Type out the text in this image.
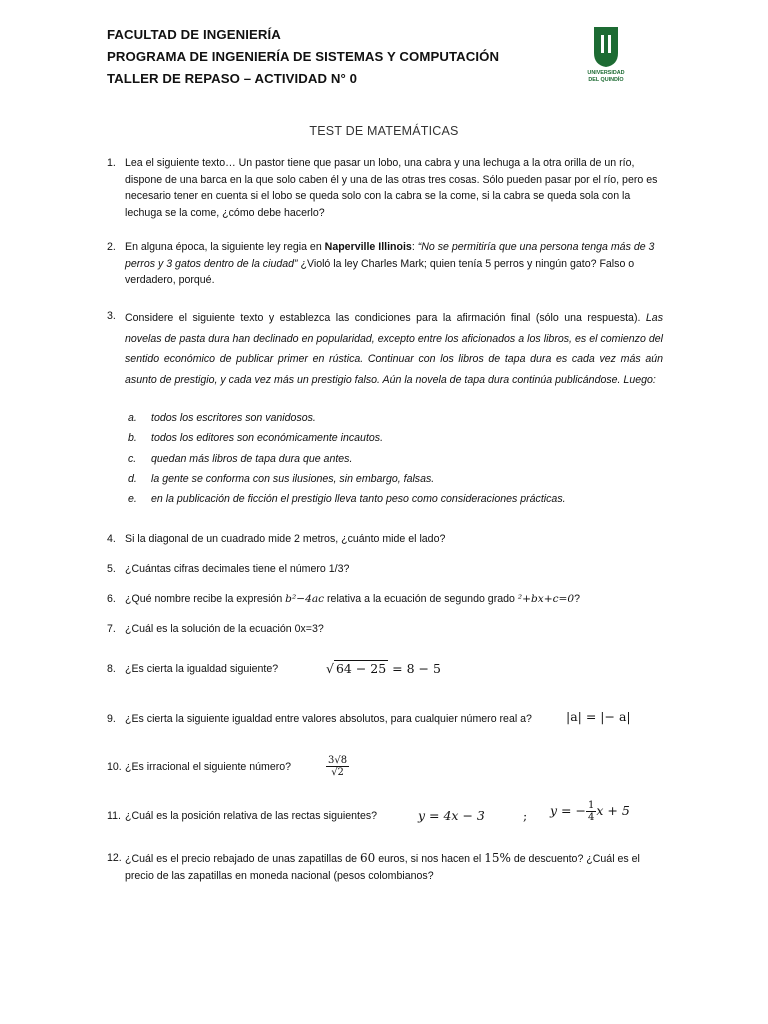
FACULTAD DE INGENIERÍA
PROGRAMA DE INGENIERÍA DE SISTEMAS Y COMPUTACIÓN
TALLER DE REPASO – ACTIVIDAD N° 0	UNIVERSIDAD
DEL QUINDÍO
TEST DE MATEMÁTICAS
1. Lea el siguiente texto… Un pastor tiene que pasar un lobo, una cabra y una lechuga a la otra orilla de un río, dispone de una barca en la que solo caben él y una de las otras tres cosas. Sólo pueden pasar por el río, pero es necesario tener en cuenta si el lobo se queda solo con la cabra se la come, si la cabra se queda sola con la lechuga se la come, ¿cómo debe hacerlo?
2. En alguna época, la siguiente ley regia en Naperville Illinois: “No se permitiría que una persona tenga más de 3 perros y 3 gatos dentro de la ciudad” ¿Violó la ley Charles Mark; quien tenía 5 perros y ningún gato? Falso o verdadero, porqué.
3. Considere el siguiente texto y establezca las condiciones para la afirmación final (sólo una respuesta). Las novelas de pasta dura han declinado en popularidad, excepto entre los aficionados a los libros, es el comienzo del sentido económico de publicar primer en rústica. Continuar con los libros de tapa dura es cada vez más aún asunto de prestigio, y cada vez más un prestigio falso. Aún la novela de tapa dura continúa publicándose. Luego:
a. todos los escritores son vanidosos.
b. todos los editores son económicamente incautos.
c. quedan más libros de tapa dura que antes.
d. la gente se conforma con sus ilusiones, sin embargo, falsas.
e. en la publicación de ficción el prestigio lleva tanto peso como consideraciones prácticas.
4. Si la diagonal de un cuadrado mide 2 metros, ¿cuánto mide el lado?
5. ¿Cuántas cifras decimales tiene el número 1/3?
6. ¿Qué nombre recibe la expresión b²−4ac relativa a la ecuación de segundo grado ²+bx+c=0?
7. ¿Cuál es la solución de la ecuación 0x=3?
8. ¿Es cierta la igualdad siguiente?	√ 64 − 25 = 8 − 5
9. ¿Es cierta la siguiente igualdad entre valores absolutos, para cualquier número real a?	|a| = |− a|
10. ¿Es irracional el siguiente número?	$\frac{3√8}{√2}$
11. ¿Cuál es la posición relativa de las rectas siguientes?	y = 4x − 3	; y = − $\frac{1}{4}$ x + 5
12. ¿Cuál es el precio rebajado de unas zapatillas de 60 euros, si nos hacen el 15% de descuento? ¿Cuál es el precio de las zapatillas en moneda nacional (pesos colombianos?
